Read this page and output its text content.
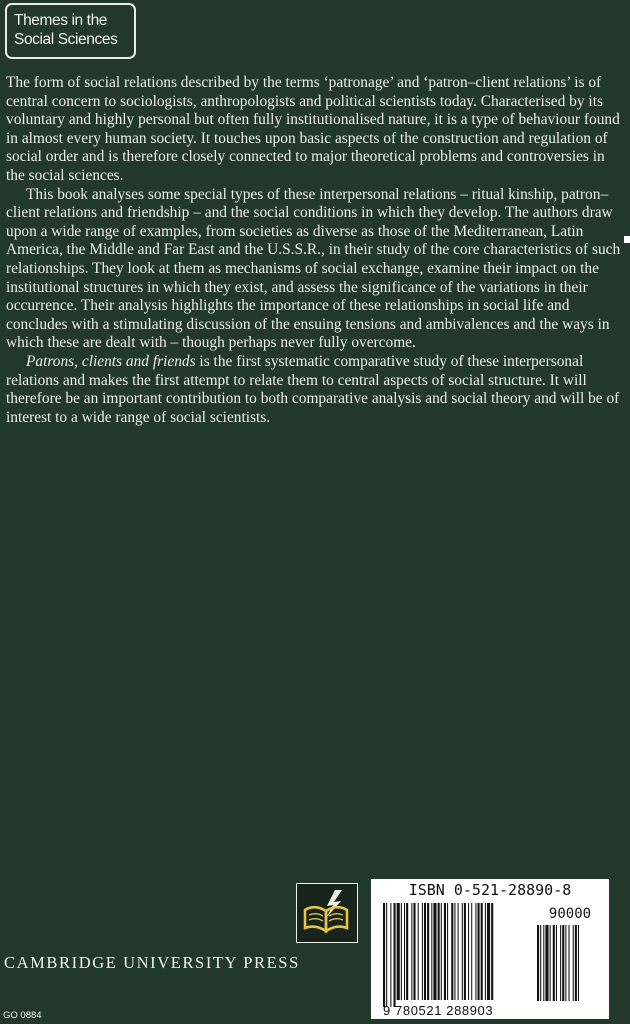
Themes in the
Social Sciences

The form of social relations described by the terms ‘patronage’ and ‘patron–client relations’ is of central concern to sociologists, anthropologists and political scientists today. Characterised by its voluntary and highly personal but often fully institutionalised nature, it is a type of behaviour found in almost every human society. It touches upon basic aspects of the construction and regulation of social order and is therefore closely connected to major theoretical problems and controversies in the social sciences.

This book analyses some special types of these interpersonal relations – ritual kinship, patron–client relations and friendship – and the social conditions in which they develop. The authors draw upon a wide range of examples, from societies as diverse as those of the Mediterranean, Latin America, the Middle and Far East and the U.S.S.R., in their study of the core characteristics of such relationships. They look at them as mechanisms of social exchange, examine their impact on the institutional structures in which they exist, and assess the significance of the variations in their occurrence. Their analysis highlights the importance of these relationships in social life and concludes with a stimulating discussion of the ensuing tensions and ambivalences and the ways in which these are dealt with – though perhaps never fully overcome.

Patrons, clients and friends is the first systematic comparative study of these interpersonal relations and makes the first attempt to relate them to central aspects of social structure. It will therefore be an important contribution to both comparative analysis and social theory and will be of interest to a wide range of social scientists.

CAMBRIDGE UNIVERSITY PRESS
GO 0884
ISBN 0-521-28890-8
90000
9 780521 288903
